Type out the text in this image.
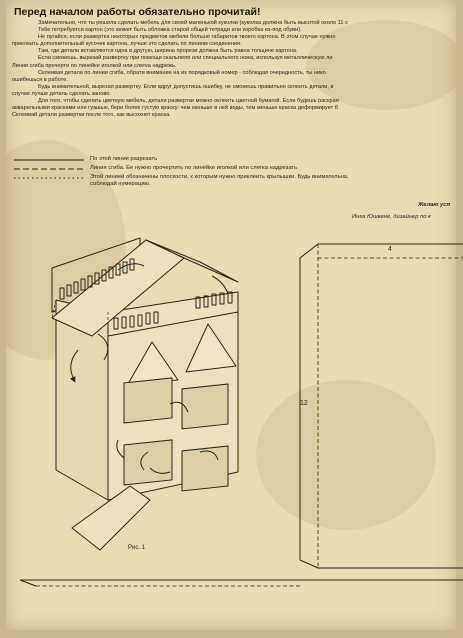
Перед началом работы обязательно прочитай!

Замечательно, что ты решила сделать мебель для своей маленькой куколки (куколка должна быть высотой около 11 с

Тебе потребуется картон (это может быть обложка старой общей тетради или коробка из-под обуви).

Не пугайся, если развертка некоторых предметов мебели больше габаритов твоего картона. В этом случае нужно

приклеить дополнительный кусочек картона, лучше это сделать по линиям соединения.

Там, где детали вставляются одна в другую, ширина прорези должна быть равна толщине картона.

Если сможешь, вырезай развертку при помощи скальпеля или специального ножа, используя металлическую ли

Линии сгиба прочерти по линейке иголкой или слегка надрежь.

Склеивая детали по линии сгиба, обрати внимание на их порядковый номер - соблюдая очередность, ты нико

ошибешься в работе.

Будь внимательной, вырезая развертку. Если вдруг допустишь ошибку, не сможешь правильно склеить детали, в

случае лучше деталь сделать заново.

Для того, чтобы сделать цветную мебель, детали развертки можно оклеить цветной бумагой. Если будешь раскрая

акварельными красками или гуашью, бери более густую краску: чем меньше в ней воды, тем меньше краска деформирует б

Склеивай детали развертки после того, как высохнет краска.

По этой линии разрезать
Линия сгиба. Ее нужно прочертить по линейке иголкой или слегка надрезать
Этой линией обозначены плоскости, к которым нужно приклеить крылышки. Будь внимательна,
соблюдай нумерацию.
Желаю усп
Инга Юшкене, дизайнер по к
Рис. 1
4
12
